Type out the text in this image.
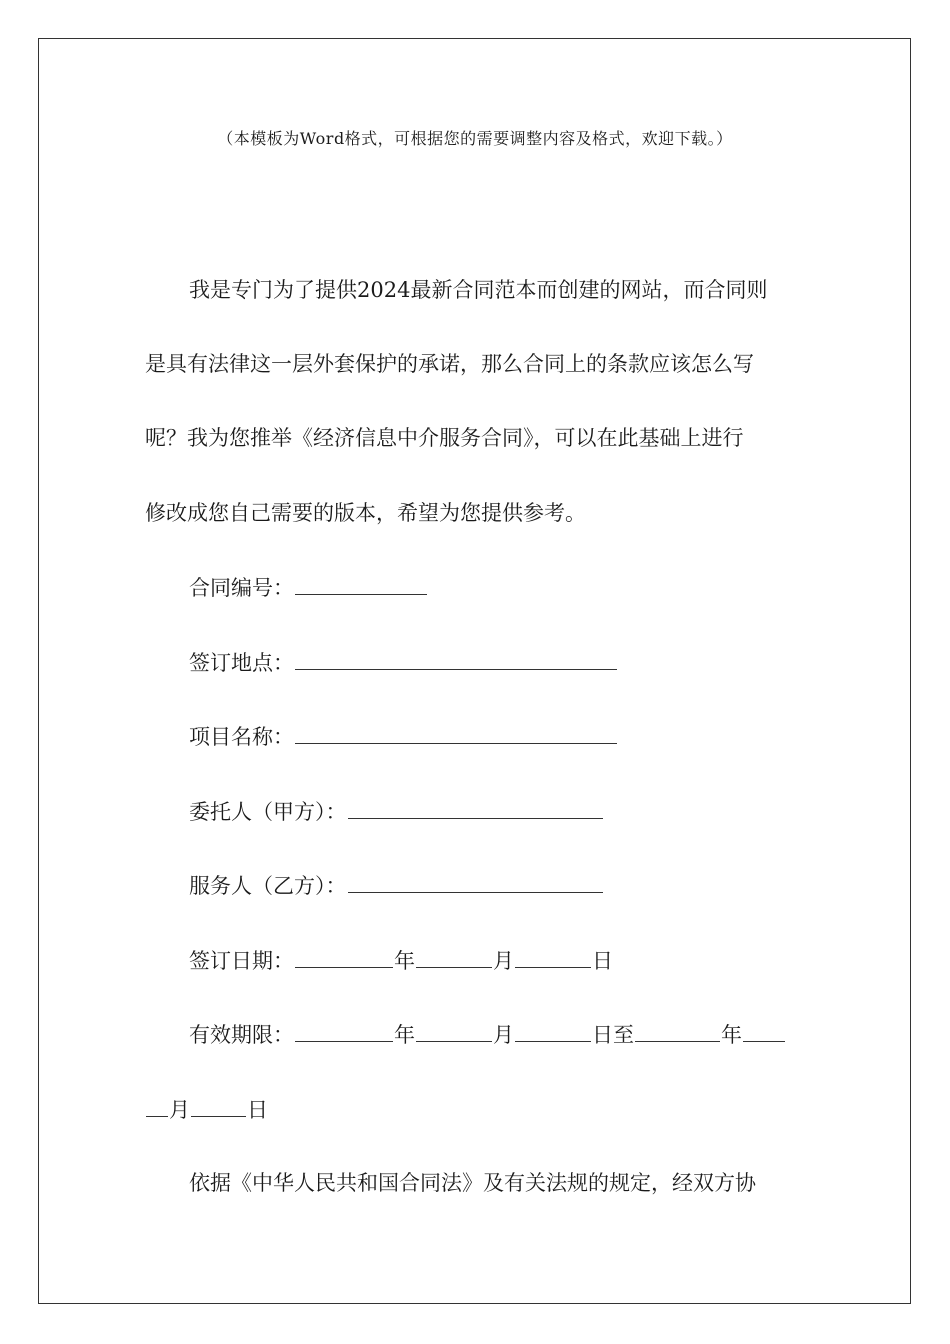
（本模板为Word格式，可根据您的需要调整内容及格式，欢迎下载。）
我是专门为了提供2024最新合同范本而创建的网站，而合同则
是具有法律这一层外套保护的承诺，那么合同上的条款应该怎么写
呢？我为您推举《经济信息中介服务合同》，可以在此基础上进行
修改成您自己需要的版本，希望为您提供参考。
合同编号：
签订地点：
项目名称：
委托人（甲方）：
服务人（乙方）：
签订日期：	年	月	日
有效期限：	年	月	日至	年
月	日
依据《中华人民共和国合同法》及有关法规的规定，经双方协
